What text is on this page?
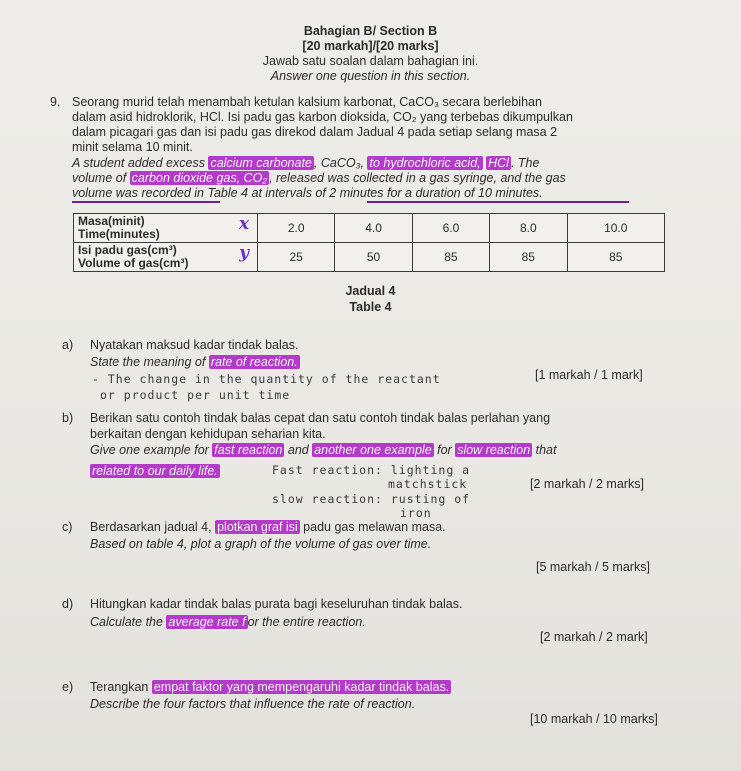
Bahagian B/ Section B
[20 markah]/[20 marks]
Jawab satu soalan dalam bahagian ini.
Answer one question in this section.
9. Seorang murid telah menambah ketulan kalsium karbonat, CaCO₃ secara berlebihan
dalam asid hidroklorik, HCl. Isi padu gas karbon dioksida, CO₂ yang terbebas dikumpulkan
dalam picagari gas dan isi padu gas direkod dalam Jadual 4 pada setiap selang masa 2
minit selama 10 minit.
A student added excess calcium carbonate , CaCO₃, to hydrochloric acid, HCl . The
volume of carbon dioxide gas, CO₂ , released was collected in a gas syringe, and the gas
volume was recorded in Table 4 at intervals of 2 minutes for a duration of 10 minutes.
Masa(minit)
Time(minutes) x	2.0	4.0	6.0	8.0	10.0

Isi padu gas(cm³)
Volume of gas(cm³) y	25	50	85	85	85
Jadual 4
Table 4
a) Nyatakan maksud kadar tindak balas.
State the meaning of rate of reaction.
- The change in the quantity of the reactant
or product per unit time
[1 markah / 1 mark]
b) Berikan satu contoh tindak balas cepat dan satu contoh tindak balas perlahan yang
berkaitan dengan kehidupan seharian kita.
Give one example for fast reaction and another one example for slow reaction that
related to our daily life.	Fast reaction: lighting a
matchstick
slow reaction: rusting of
iron
[2 markah / 2 marks]
c) Berdasarkan jadual 4, plotkan graf isi padu gas melawan masa.
Based on table 4, plot a graph of the volume of gas over time.
[5 markah / 5 marks]
d) Hitungkan kadar tindak balas purata bagi keseluruhan tindak balas.
Calculate the average rate f or the entire reaction.
[2 markah / 2 mark]
e) Terangkan empat faktor yang mempengaruhi kadar tindak balas.
Describe the four factors that influence the rate of reaction.
[10 markah / 10 marks]
